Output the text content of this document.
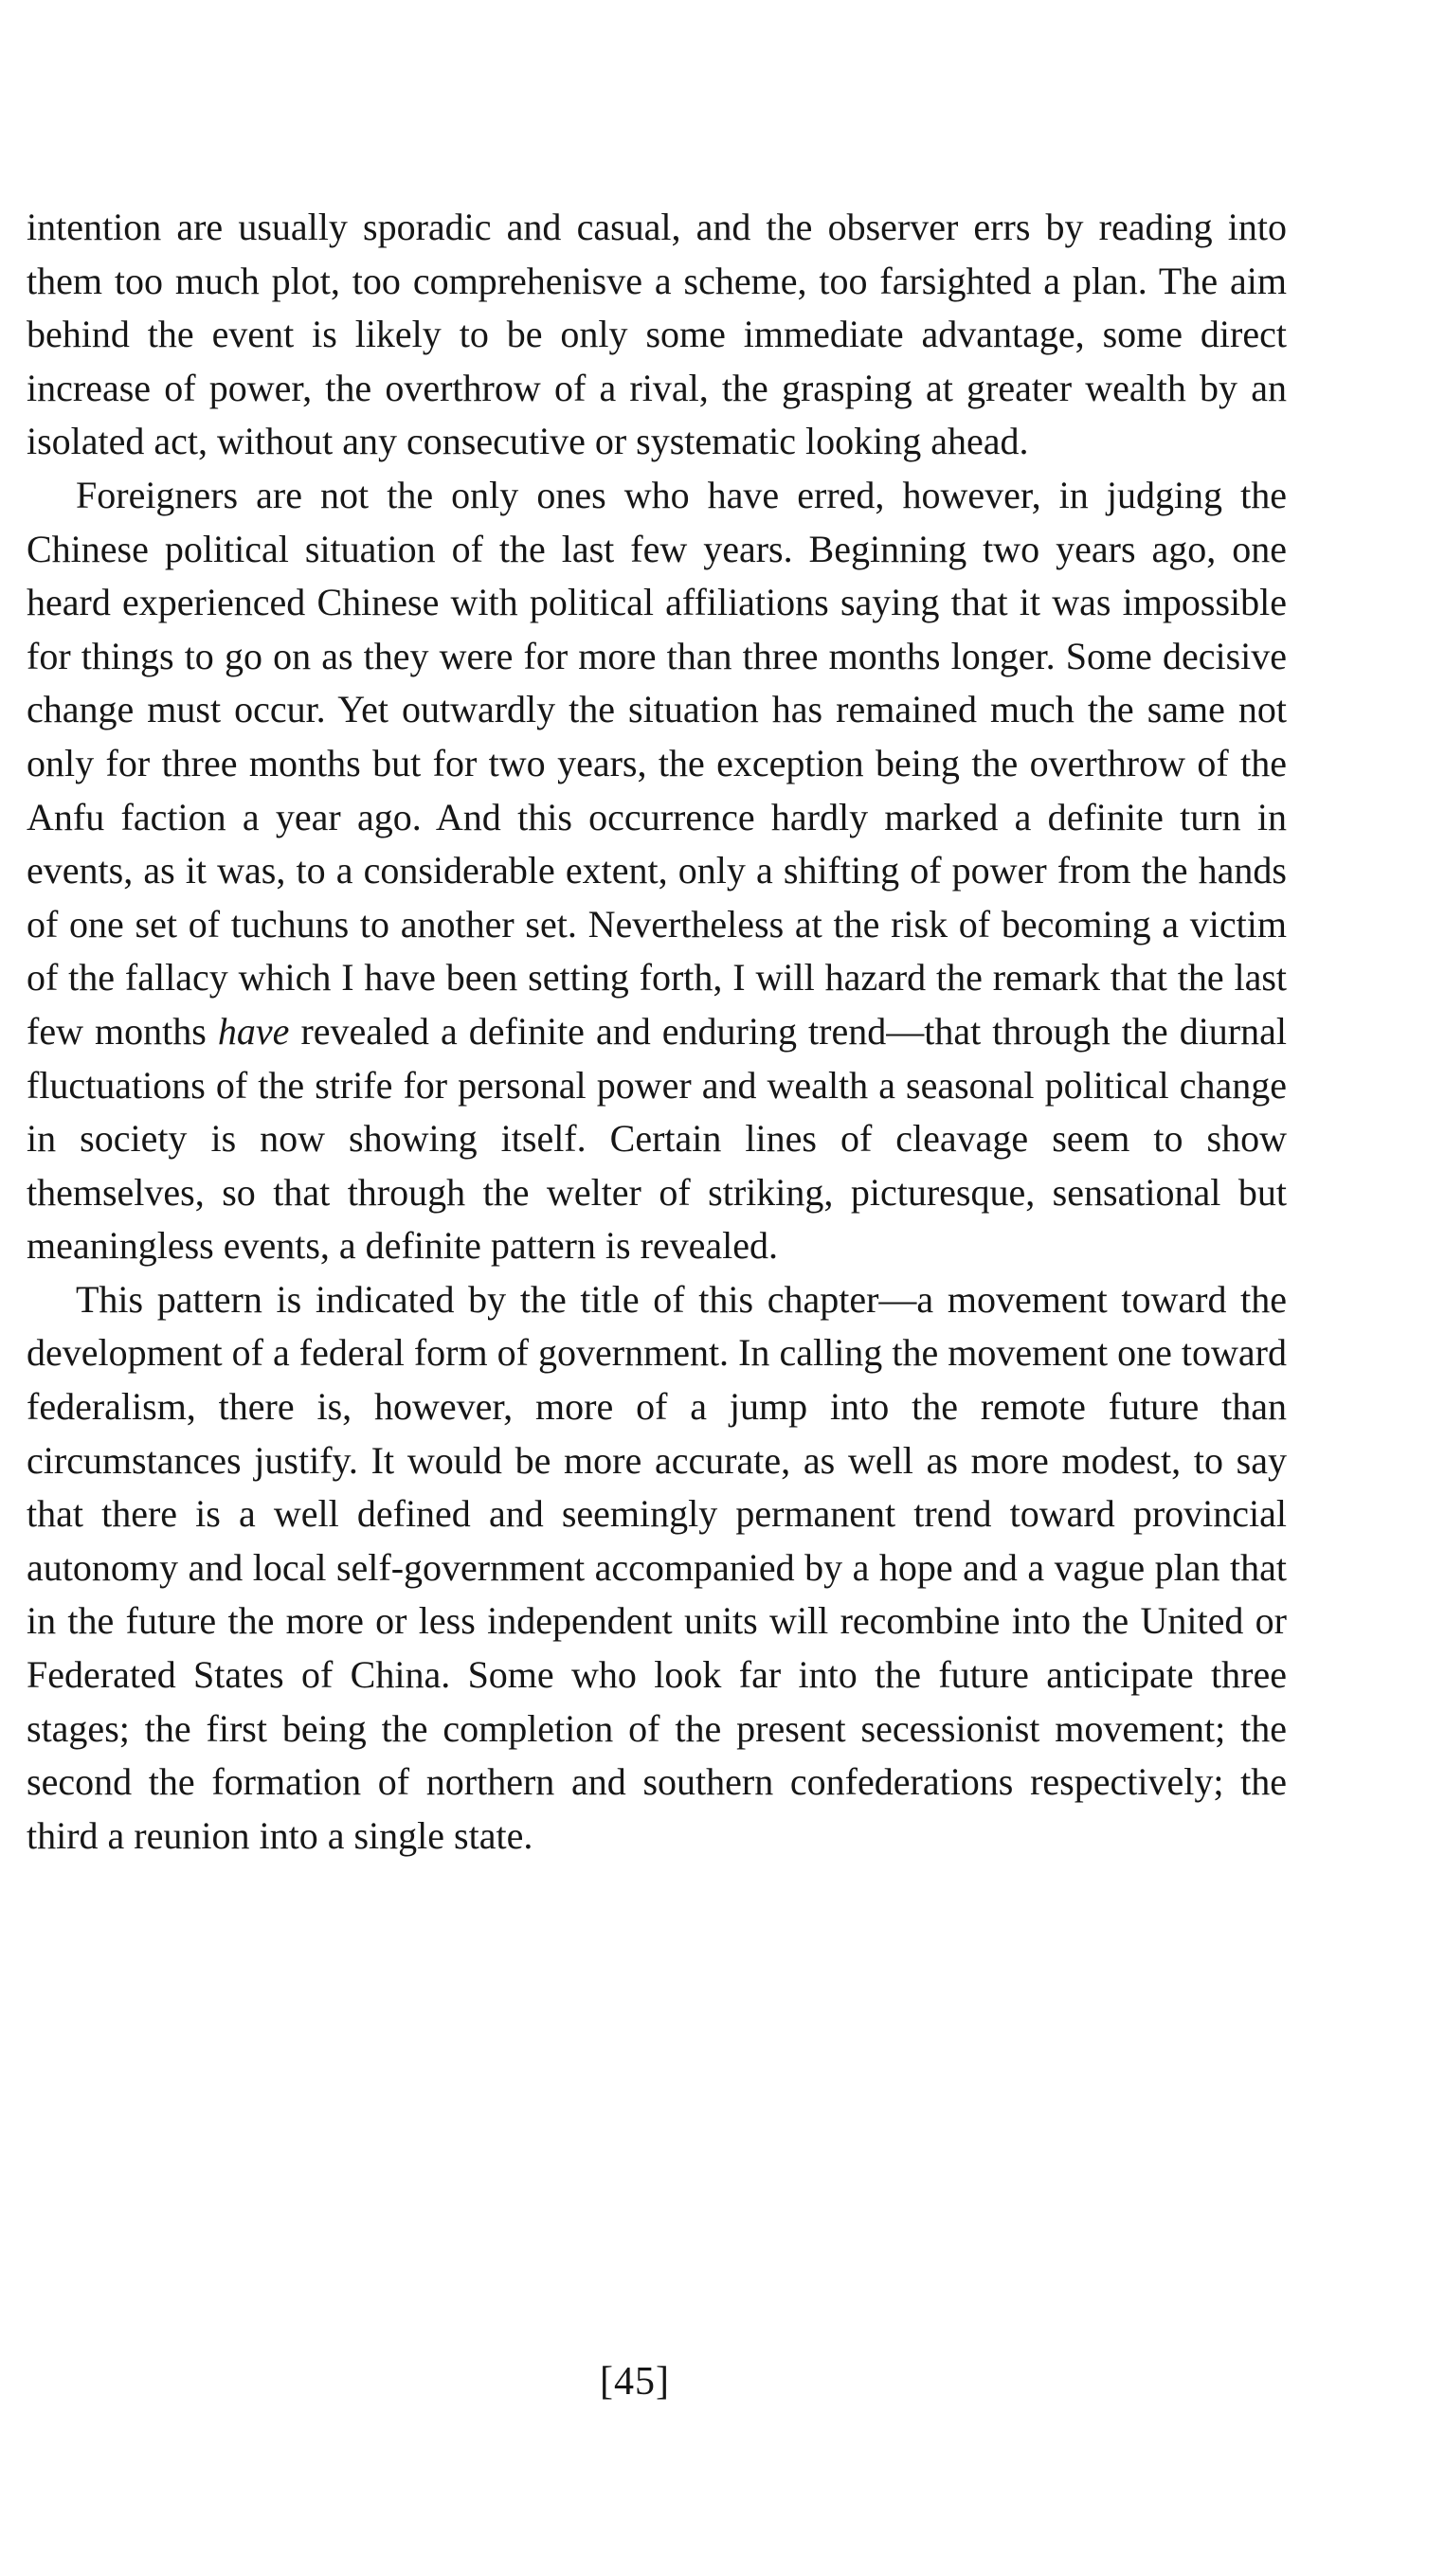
intention are usually sporadic and casual, and the observer errs by reading into them too much plot, too comprehenisve a scheme, too farsighted a plan. The aim behind the event is likely to be only some immediate advantage, some direct increase of power, the overthrow of a rival, the grasping at greater wealth by an isolated act, without any consecutive or systematic looking ahead.

Foreigners are not the only ones who have erred, however, in judging the Chinese political situation of the last few years. Beginning two years ago, one heard experienced Chinese with political affiliations saying that it was impossible for things to go on as they were for more than three months longer. Some decisive change must occur. Yet outwardly the situation has remained much the same not only for three months but for two years, the exception being the overthrow of the Anfu faction a year ago. And this occurrence hardly marked a definite turn in events, as it was, to a considerable extent, only a shifting of power from the hands of one set of tuchuns to another set. Nevertheless at the risk of becoming a victim of the fallacy which I have been setting forth, I will hazard the remark that the last few months have revealed a definite and enduring trend—that through the diurnal fluctuations of the strife for personal power and wealth a seasonal political change in society is now showing itself. Certain lines of cleavage seem to show themselves, so that through the welter of striking, picturesque, sensational but meaningless events, a definite pattern is revealed.

This pattern is indicated by the title of this chapter—a movement toward the development of a federal form of government. In calling the movement one toward federalism, there is, however, more of a jump into the remote future than circumstances justify. It would be more accurate, as well as more modest, to say that there is a well defined and seemingly permanent trend toward provincial autonomy and local self-government accompanied by a hope and a vague plan that in the future the more or less independent units will recombine into the United or Federated States of China. Some who look far into the future anticipate three stages; the first being the completion of the present secessionist movement; the second the formation of northern and southern confederations respectively; the third a reunion into a single state.

[45]
